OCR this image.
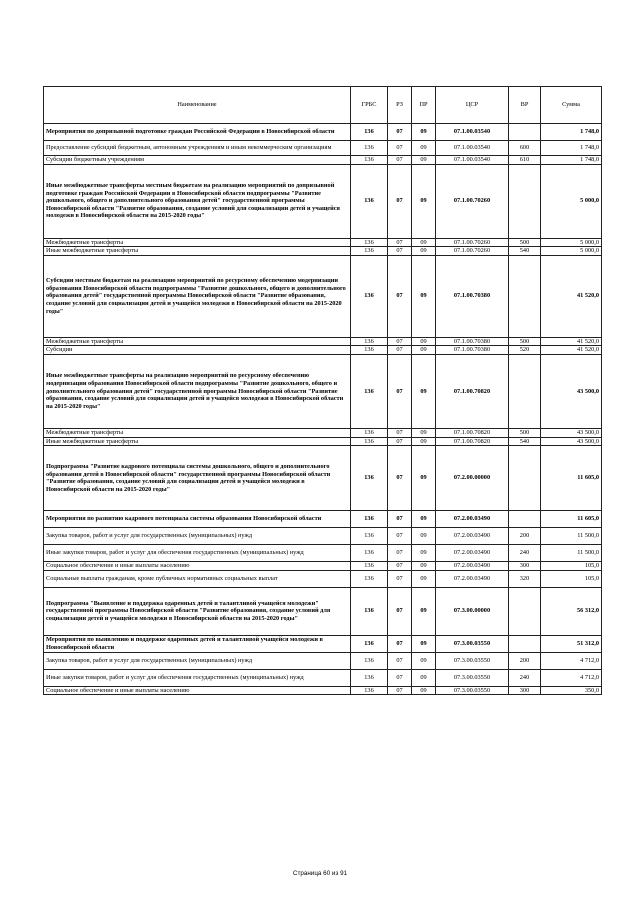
Наименование	ГРБС	РЗ	ПР	ЦСР	ВР	Сумма
Мероприятия по допризывной подготовке граждан Российской Федерации в Новосибирской области	136	07	09	07.1.00.03540		1 748,0
Предоставление субсидий бюджетным, автономным учреждениям и иным некоммерческим организациям	136	07	09	07.1.00.03540	600	1 748,0
Субсидии бюджетным учреждениям	136	07	09	07.1.00.03540	610	1 748,0
Иные межбюджетные трансферты местным бюджетам на реализацию мероприятий по допризывной подготовке граждан Российской Федерации в Новосибирской области подпрограммы "Развитие дошкольного, общего и дополнительного образования детей" государственной программы Новосибирской области "Развитие образования, создание условий для социализации детей и учащейся молодежи в Новосибирской области на 2015-2020 годы"	136	07	09	07.1.00.70260		5 000,0
Межбюджетные трансферты	136	07	09	07.1.00.70260	500	5 000,0
Иные межбюджетные трансферты	136	07	09	07.1.00.70260	540	5 000,0
Субсидии местным бюджетам на реализацию мероприятий по ресурсному обеспечению модернизации образования Новосибирской области подпрограммы "Развитие дошкольного, общего и дополнительного образования детей" государственной программы Новосибирской области "Развитие образования, создание условий для социализации детей и учащейся молодежи в Новосибирской области на 2015-2020 годы"	136	07	09	07.1.00.70380		41 520,0
Межбюджетные трансферты	136	07	09	07.1.00.70380	500	41 520,0
Субсидии	136	07	09	07.1.00.70380	520	41 520,0
Иные межбюджетные трансферты на реализацию мероприятий по ресурсному обеспечению модернизации образования Новосибирской области подпрограммы "Развитие дошкольного, общего и дополнительного образования детей" государственной программы Новосибирской области "Развитие образования, создание условий для социализации детей и учащейся молодежи в Новосибирской области на 2015-2020 годы"	136	07	09	07.1.00.70820		43 500,0
Межбюджетные трансферты	136	07	09	07.1.00.70820	500	43 500,0
Иные межбюджетные трансферты	136	07	09	07.1.00.70820	540	43 500,0
Подпрограмма "Развитие кадрового потенциала системы дошкольного, общего и дополнительного образования детей в Новосибирской области" государственной программы Новосибирской области "Развитие образования, создание условий для социализации детей и учащейся молодежи в Новосибирской области на 2015-2020 годы"	136	07	09	07.2.00.00000		11 605,0
Мероприятия по развитию кадрового потенциала системы образования Новосибирской области	136	07	09	07.2.00.03490		11 605,0
Закупка товаров, работ и услуг для государственных (муниципальных) нужд	136	07	09	07.2.00.03490	200	11 500,0
Иные закупки товаров, работ и услуг для обеспечения государственных (муниципальных) нужд	136	07	09	07.2.00.03490	240	11 500,0
Социальное обеспечение и иные выплаты населению	136	07	09	07.2.00.03490	300	105,0
Социальные выплаты гражданам, кроме публичных нормативных социальных выплат	136	07	09	07.2.00.03490	320	105,0
Подпрограмма "Выявление и поддержка одаренных детей и талантливой учащейся молодежи" государственной программы Новосибирской области "Развитие образования, создание условий для социализации детей и учащейся молодежи в Новосибирской области на 2015-2020 годы"	136	07	09	07.3.00.00000		56 312,0
Мероприятия по выявлению и поддержке одаренных детей и талантливой учащейся молодежи в Новосибирской области	136	07	09	07.3.00.03550		51 312,0
Закупка товаров, работ и услуг для государственных (муниципальных) нужд	136	07	09	07.3.00.03550	200	4 712,0
Иные закупки товаров, работ и услуг для обеспечения государственных (муниципальных) нужд	136	07	09	07.3.00.03550	240	4 712,0
Социальное обеспечение и иные выплаты населению	136	07	09	07.3.00.03550	300	350,0
Страница 60 из 91
